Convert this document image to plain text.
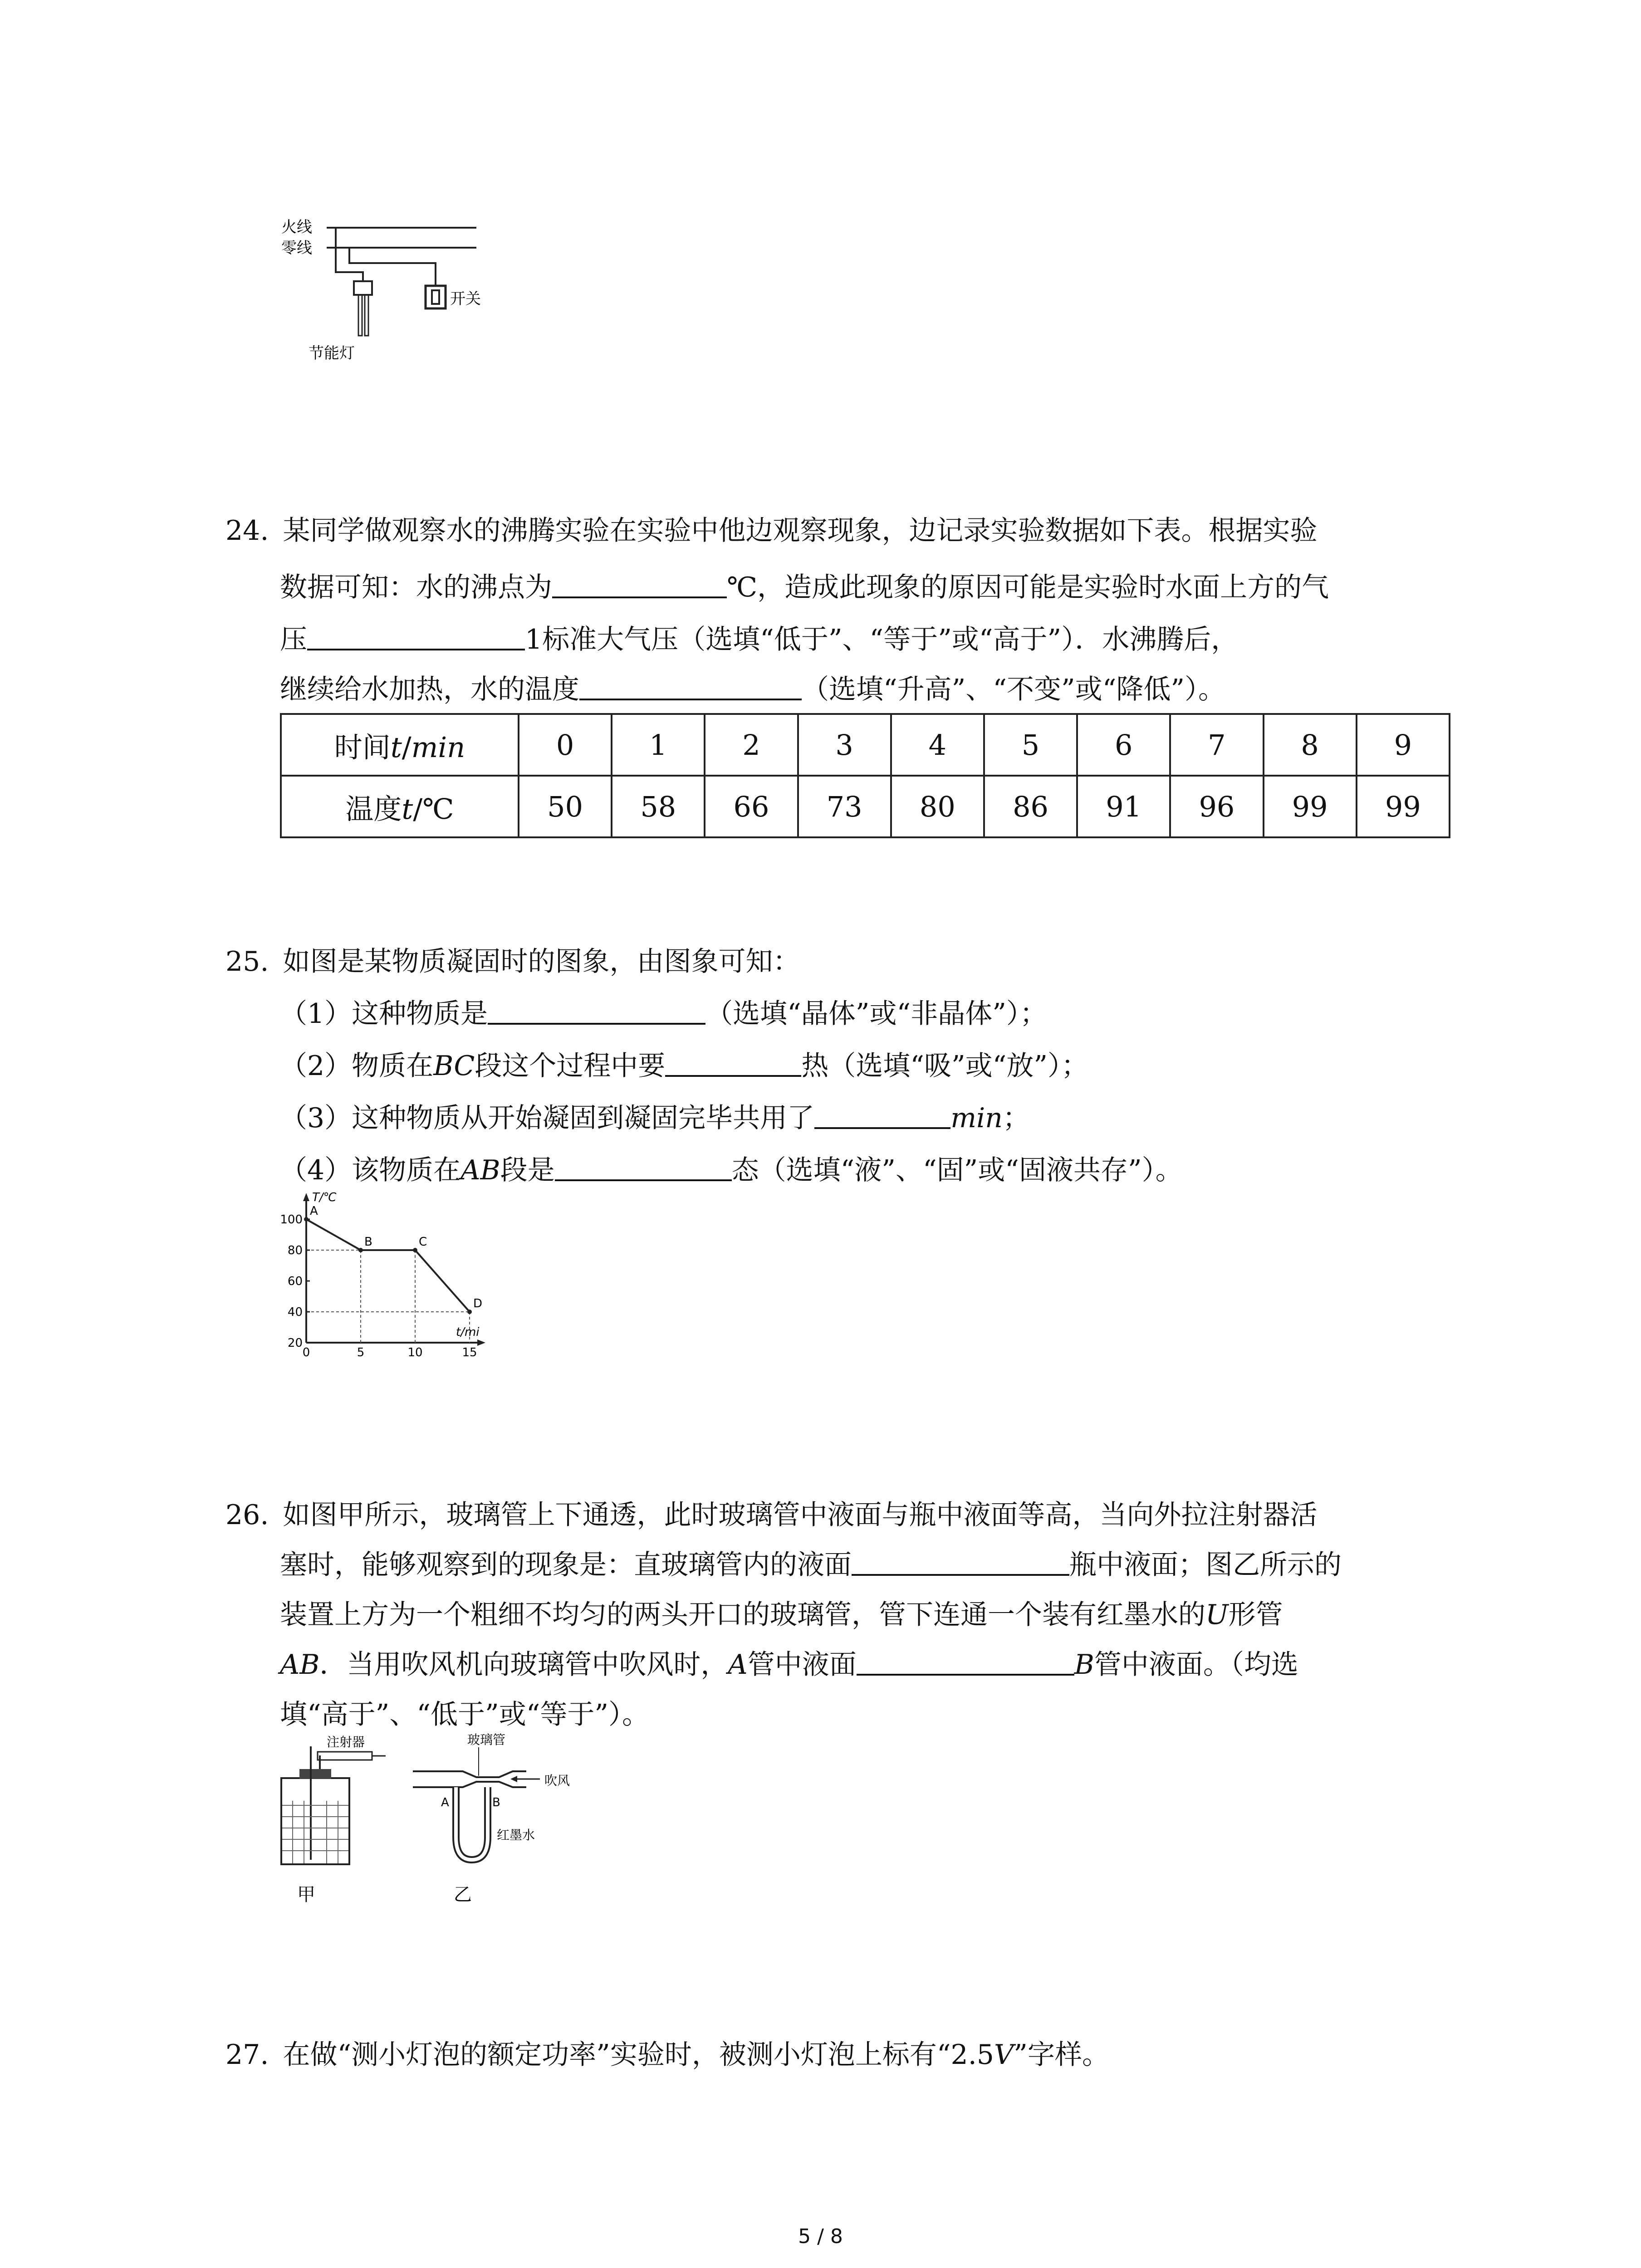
火线
零线
开关
节能灯
24. 某同学做观察水的沸腾实验在实验中他边观察现象，边记录实验数据如下表。根据实验
数据可知：水的沸点为	℃，造成此现象的原因可能是实验时水面上方的气
压	1标准大气压（选填“低于”、“等于”或“高于”）．水沸腾后，
继续给水加热，水的温度	（选填“升高”、“不变”或“降低”）。
时间t/min	0	1	2	3	4	5	6	7	8	9
温度t/℃	50	58	66	73	80	86	91	96	99	99
25. 如图是某物质凝固时的图象，由图象可知：
（1）这种物质是	（选填“晶体”或“非晶体”）；
（2）物质在BC段这个过程中要	热（选填“吸”或“放”）；
（3）这种物质从开始凝固到凝固完毕共用了	min；
（4）该物质在AB段是	态（选填“液”、“固”或“固液共存”）。
T/℃
t/mi
100
80
60
40
20
0	5	10	15
A
B	C
D
26. 如图甲所示，玻璃管上下通透，此时玻璃管中液面与瓶中液面等高，当向外拉注射器活
塞时，能够观察到的现象是：直玻璃管内的液面	瓶中液面；图乙所示的
装置上方为一个粗细不均匀的两头开口的玻璃管，管下连通一个装有红墨水的U形管
AB．当用吹风机向玻璃管中吹风时，A管中液面	B管中液面。（均选
填“高于”、“低于”或“等于”）。
注射器
甲
玻璃管
吹风
A	B
红墨水
乙
27. 在做“测小灯泡的额定功率”实验时，被测小灯泡上标有“2.5V”字样。
5 / 8
